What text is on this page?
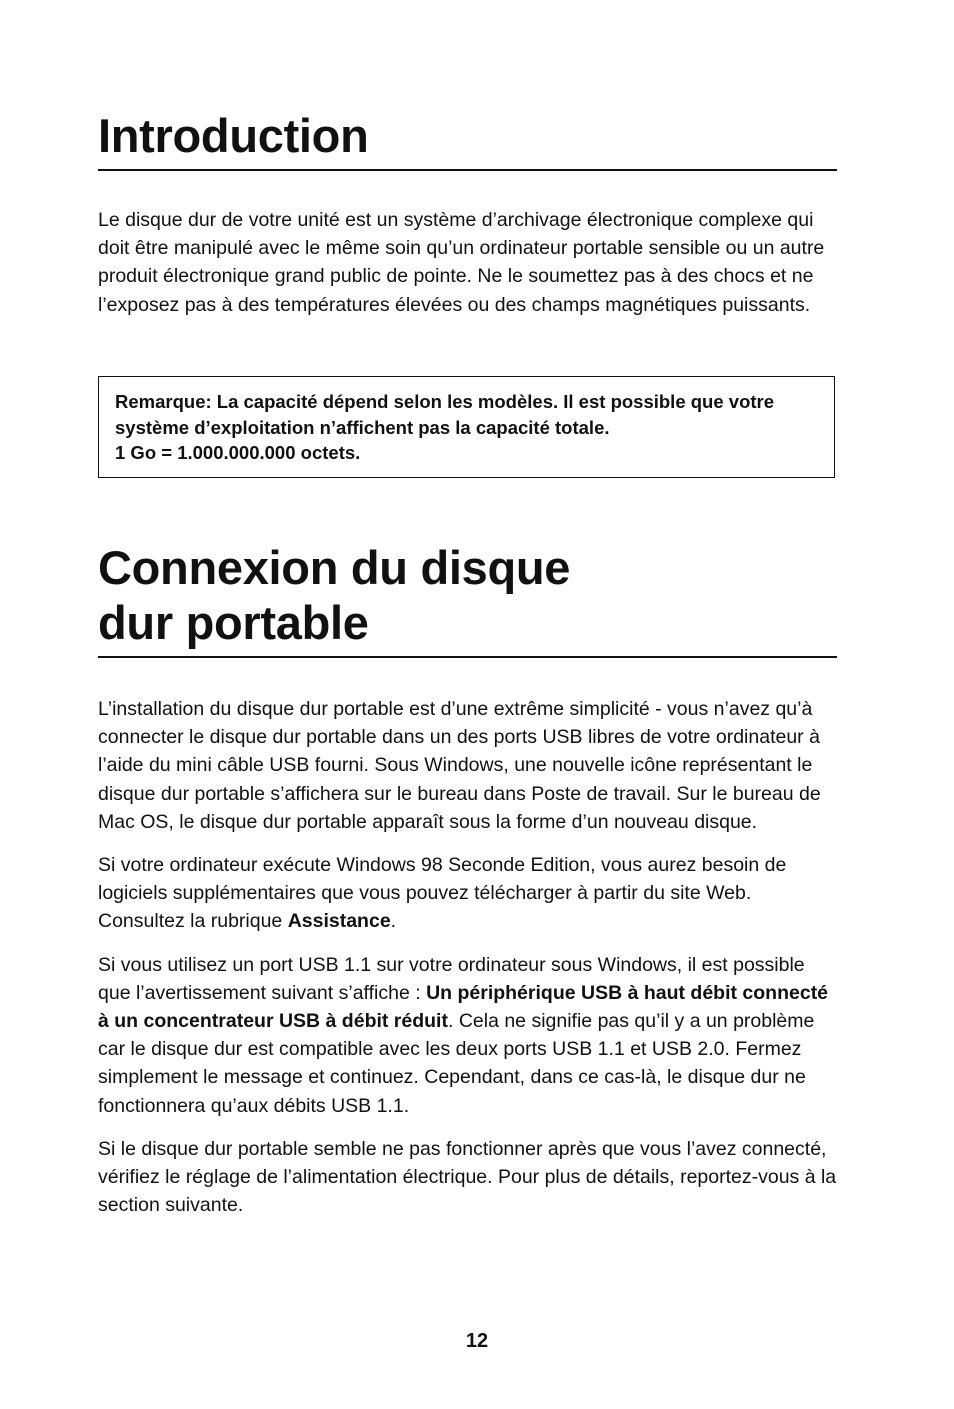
Introduction

Le disque dur de votre unité est un système d’archivage électronique complexe qui doit être manipulé avec le même soin qu’un ordinateur portable sensible ou un autre produit électronique grand public de pointe. Ne le soumettez pas à des chocs et ne l’exposez pas à des températures élevées ou des champs magnétiques puissants.

Remarque: La capacité dépend selon les modèles. Il est possible que votre système d’exploitation n’affichent pas la capacité totale.
1 Go = 1.000.000.000 octets.
Connexion du disque
dur portable

L’installation du disque dur portable est d’une extrême simplicité - vous n’avez qu’à connecter le disque dur portable dans un des ports USB libres de votre ordinateur à l’aide du mini câble USB fourni. Sous Windows, une nouvelle icône représentant le disque dur portable s’affichera sur le bureau dans Poste de travail. Sur le bureau de Mac OS, le disque dur portable apparaît sous la forme d’un nouveau disque.

Si votre ordinateur exécute Windows 98 Seconde Edition, vous aurez besoin de logiciels supplémentaires que vous pouvez télécharger à partir du site Web. Consultez la rubrique Assistance.

Si vous utilisez un port USB 1.1 sur votre ordinateur sous Windows, il est possible que l’avertissement suivant s’affiche : Un périphérique USB à haut débit connecté à un concentrateur USB à débit réduit. Cela ne signifie pas qu’il y a un problème car le disque dur est compatible avec les deux ports USB 1.1 et USB 2.0. Fermez simplement le message et continuez. Cependant, dans ce cas-là, le disque dur ne fonctionnera qu’aux débits USB 1.1.

Si le disque dur portable semble ne pas fonctionner après que vous l’avez connecté, vérifiez le réglage de l’alimentation électrique. Pour plus de détails, reportez-vous à la section suivante.

12
